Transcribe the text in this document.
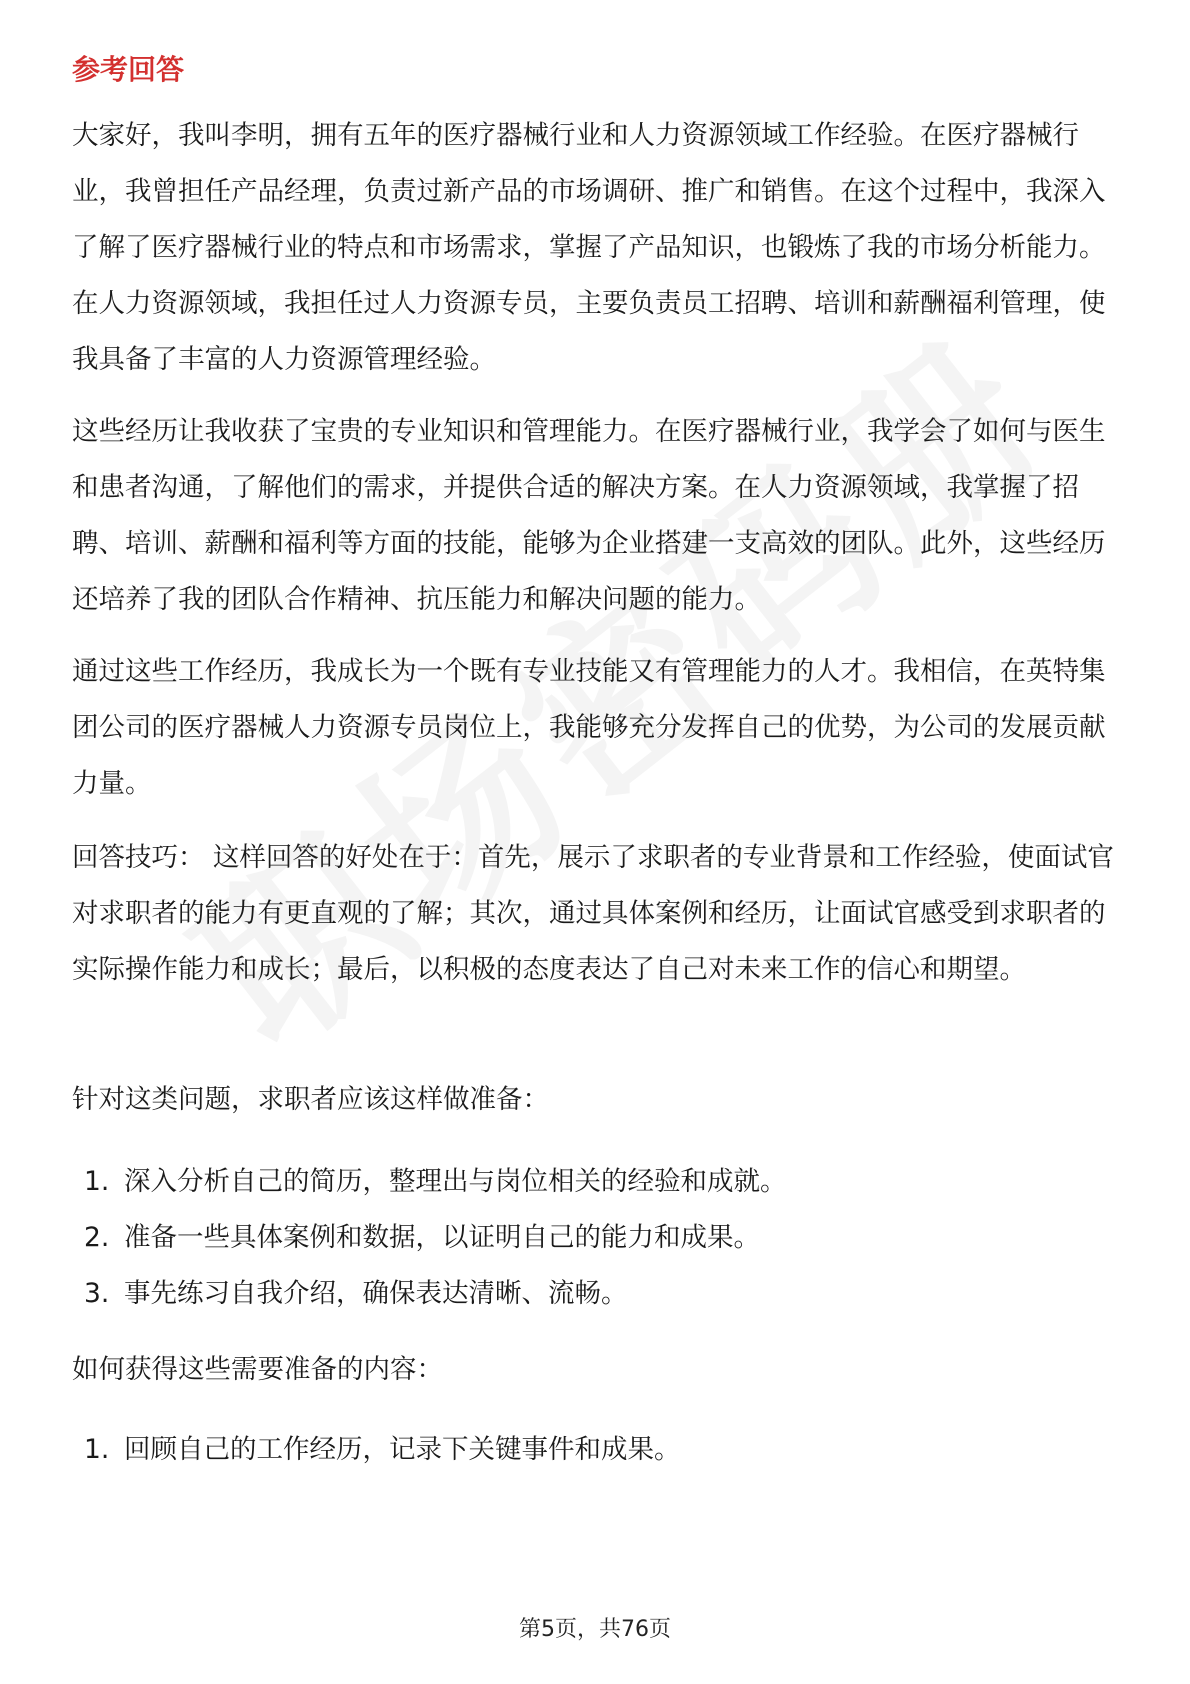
参考回答

大家好，我叫李明，拥有五年的医疗器械行业和人力资源领域工作经验。在医疗器械行业，我曾担任产品经理，负责过新产品的市场调研、推广和销售。在这个过程中，我深入了解了医疗器械行业的特点和市场需求，掌握了产品知识，也锻炼了我的市场分析能力。在人力资源领域，我担任过人力资源专员，主要负责员工招聘、培训和薪酬福利管理，使我具备了丰富的人力资源管理经验。

这些经历让我收获了宝贵的专业知识和管理能力。在医疗器械行业，我学会了如何与医生和患者沟通，了解他们的需求，并提供合适的解决方案。在人力资源领域，我掌握了招聘、培训、薪酬和福利等方面的技能，能够为企业搭建一支高效的团队。此外，这些经历还培养了我的团队合作精神、抗压能力和解决问题的能力。

通过这些工作经历，我成长为一个既有专业技能又有管理能力的人才。我相信，在英特集团公司的医疗器械人力资源专员岗位上，我能够充分发挥自己的优势，为公司的发展贡献力量。

回答技巧： 这样回答的好处在于：首先，展示了求职者的专业背景和工作经验，使面试官对求职者的能力有更直观的了解；其次，通过具体案例和经历，让面试官感受到求职者的实际操作能力和成长；最后，以积极的态度表达了自己对未来工作的信心和期望。

针对这类问题，求职者应该这样做准备：

1. 深入分析自己的简历，整理出与岗位相关的经验和成就。
2. 准备一些具体案例和数据，以证明自己的能力和成果。
3. 事先练习自我介绍，确保表达清晰、流畅。

如何获得这些需要准备的内容：

1. 回顾自己的工作经历，记录下关键事件和成果。
第5页，共76页
